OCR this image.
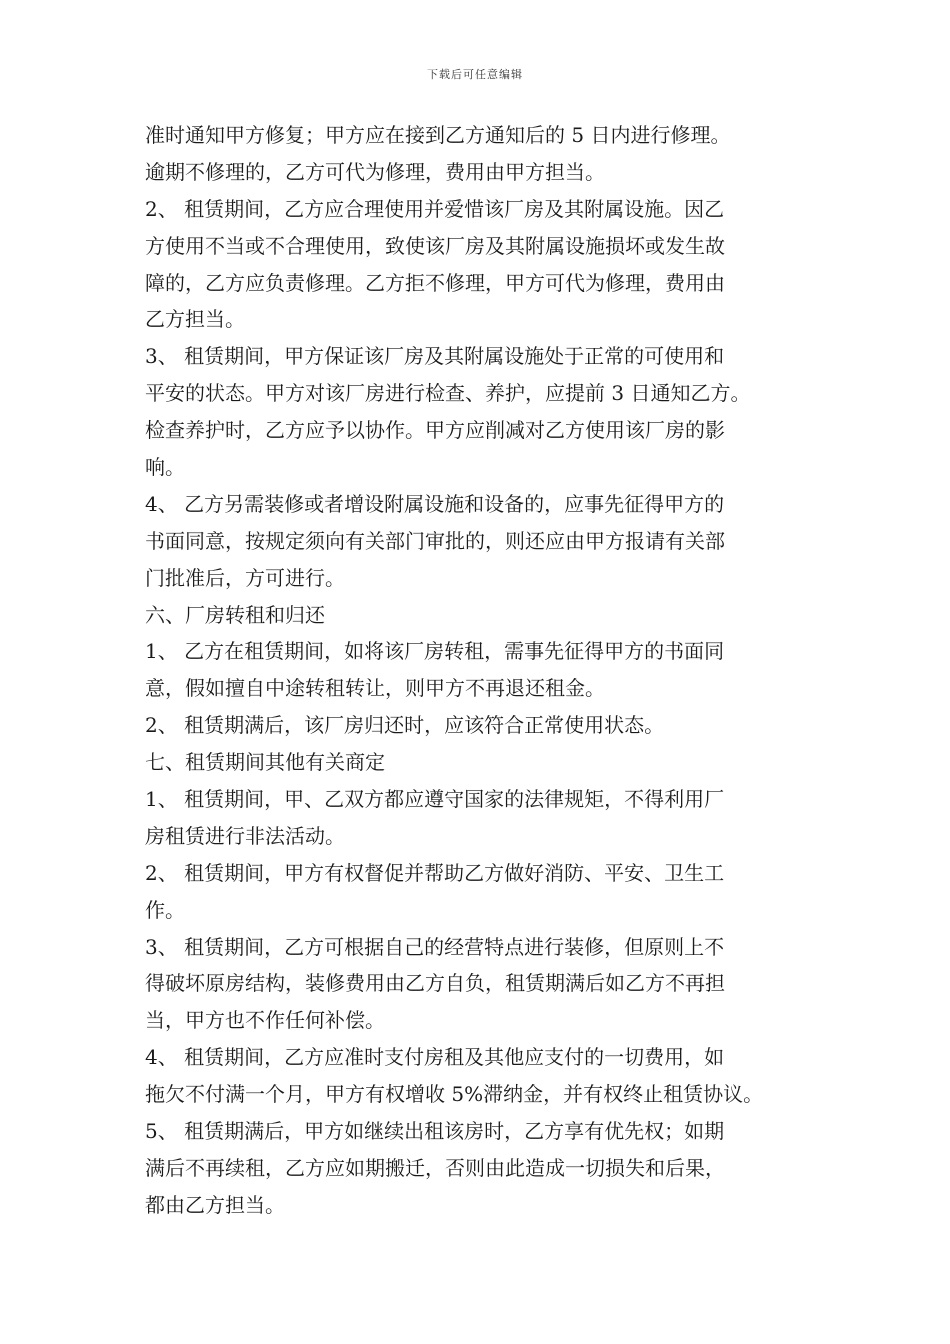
下载后可任意编辑
准时通知甲方修复；甲方应在接到乙方通知后的 5 日内进行修理。
逾期不修理的，乙方可代为修理，费用由甲方担当。
2、 租赁期间，乙方应合理使用并爱惜该厂房及其附属设施。因乙
方使用不当或不合理使用，致使该厂房及其附属设施损坏或发生故
障的，乙方应负责修理。乙方拒不修理，甲方可代为修理，费用由
乙方担当。
3、 租赁期间，甲方保证该厂房及其附属设施处于正常的可使用和
平安的状态。甲方对该厂房进行检查、养护，应提前 3 日通知乙方。
检查养护时，乙方应予以协作。甲方应削减对乙方使用该厂房的影
响。
4、 乙方另需装修或者增设附属设施和设备的，应事先征得甲方的
书面同意，按规定须向有关部门审批的，则还应由甲方报请有关部
门批准后，方可进行。
六、厂房转租和归还
1、 乙方在租赁期间，如将该厂房转租，需事先征得甲方的书面同
意，假如擅自中途转租转让，则甲方不再退还租金。
2、 租赁期满后，该厂房归还时，应该符合正常使用状态。
七、租赁期间其他有关商定
1、 租赁期间，甲、乙双方都应遵守国家的法律规矩，不得利用厂
房租赁进行非法活动。
2、 租赁期间，甲方有权督促并帮助乙方做好消防、平安、卫生工
作。
3、 租赁期间，乙方可根据自己的经营特点进行装修，但原则上不
得破坏原房结构，装修费用由乙方自负，租赁期满后如乙方不再担
当，甲方也不作任何补偿。
4、 租赁期间，乙方应准时支付房租及其他应支付的一切费用，如
拖欠不付满一个月，甲方有权增收 5%滞纳金，并有权终止租赁协议。
5、 租赁期满后，甲方如继续出租该房时，乙方享有优先权；如期
满后不再续租，乙方应如期搬迁，否则由此造成一切损失和后果，
都由乙方担当。
